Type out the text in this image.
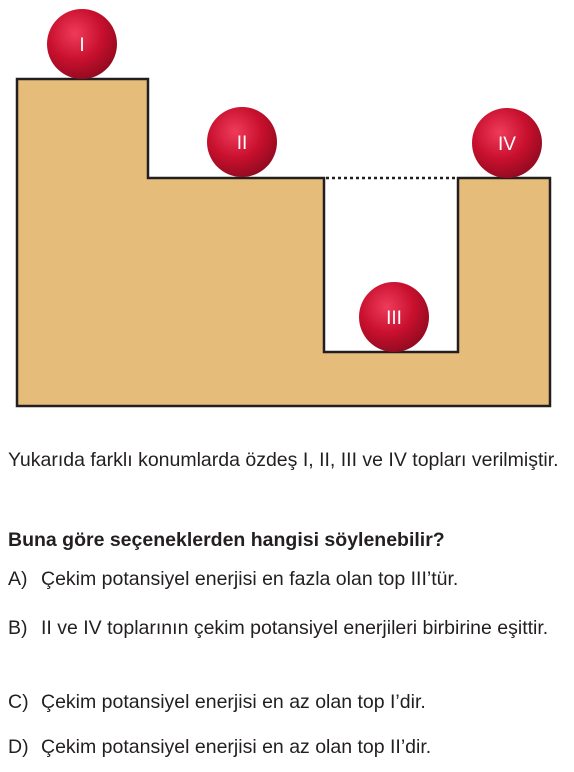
I
II
III
IV
Yukarıda farklı konumlarda özdeş I, II, III ve IV topları verilmiştir.
Buna göre seçeneklerden hangisi söylenebilir?
A) Çekim potansiyel enerjisi en fazla olan top III’tür.
B) II ve IV toplarının çekim potansiyel enerjileri birbirine eşittir.
C) Çekim potansiyel enerjisi en az olan top I’dir.
D) Çekim potansiyel enerjisi en az olan top II’dir.
